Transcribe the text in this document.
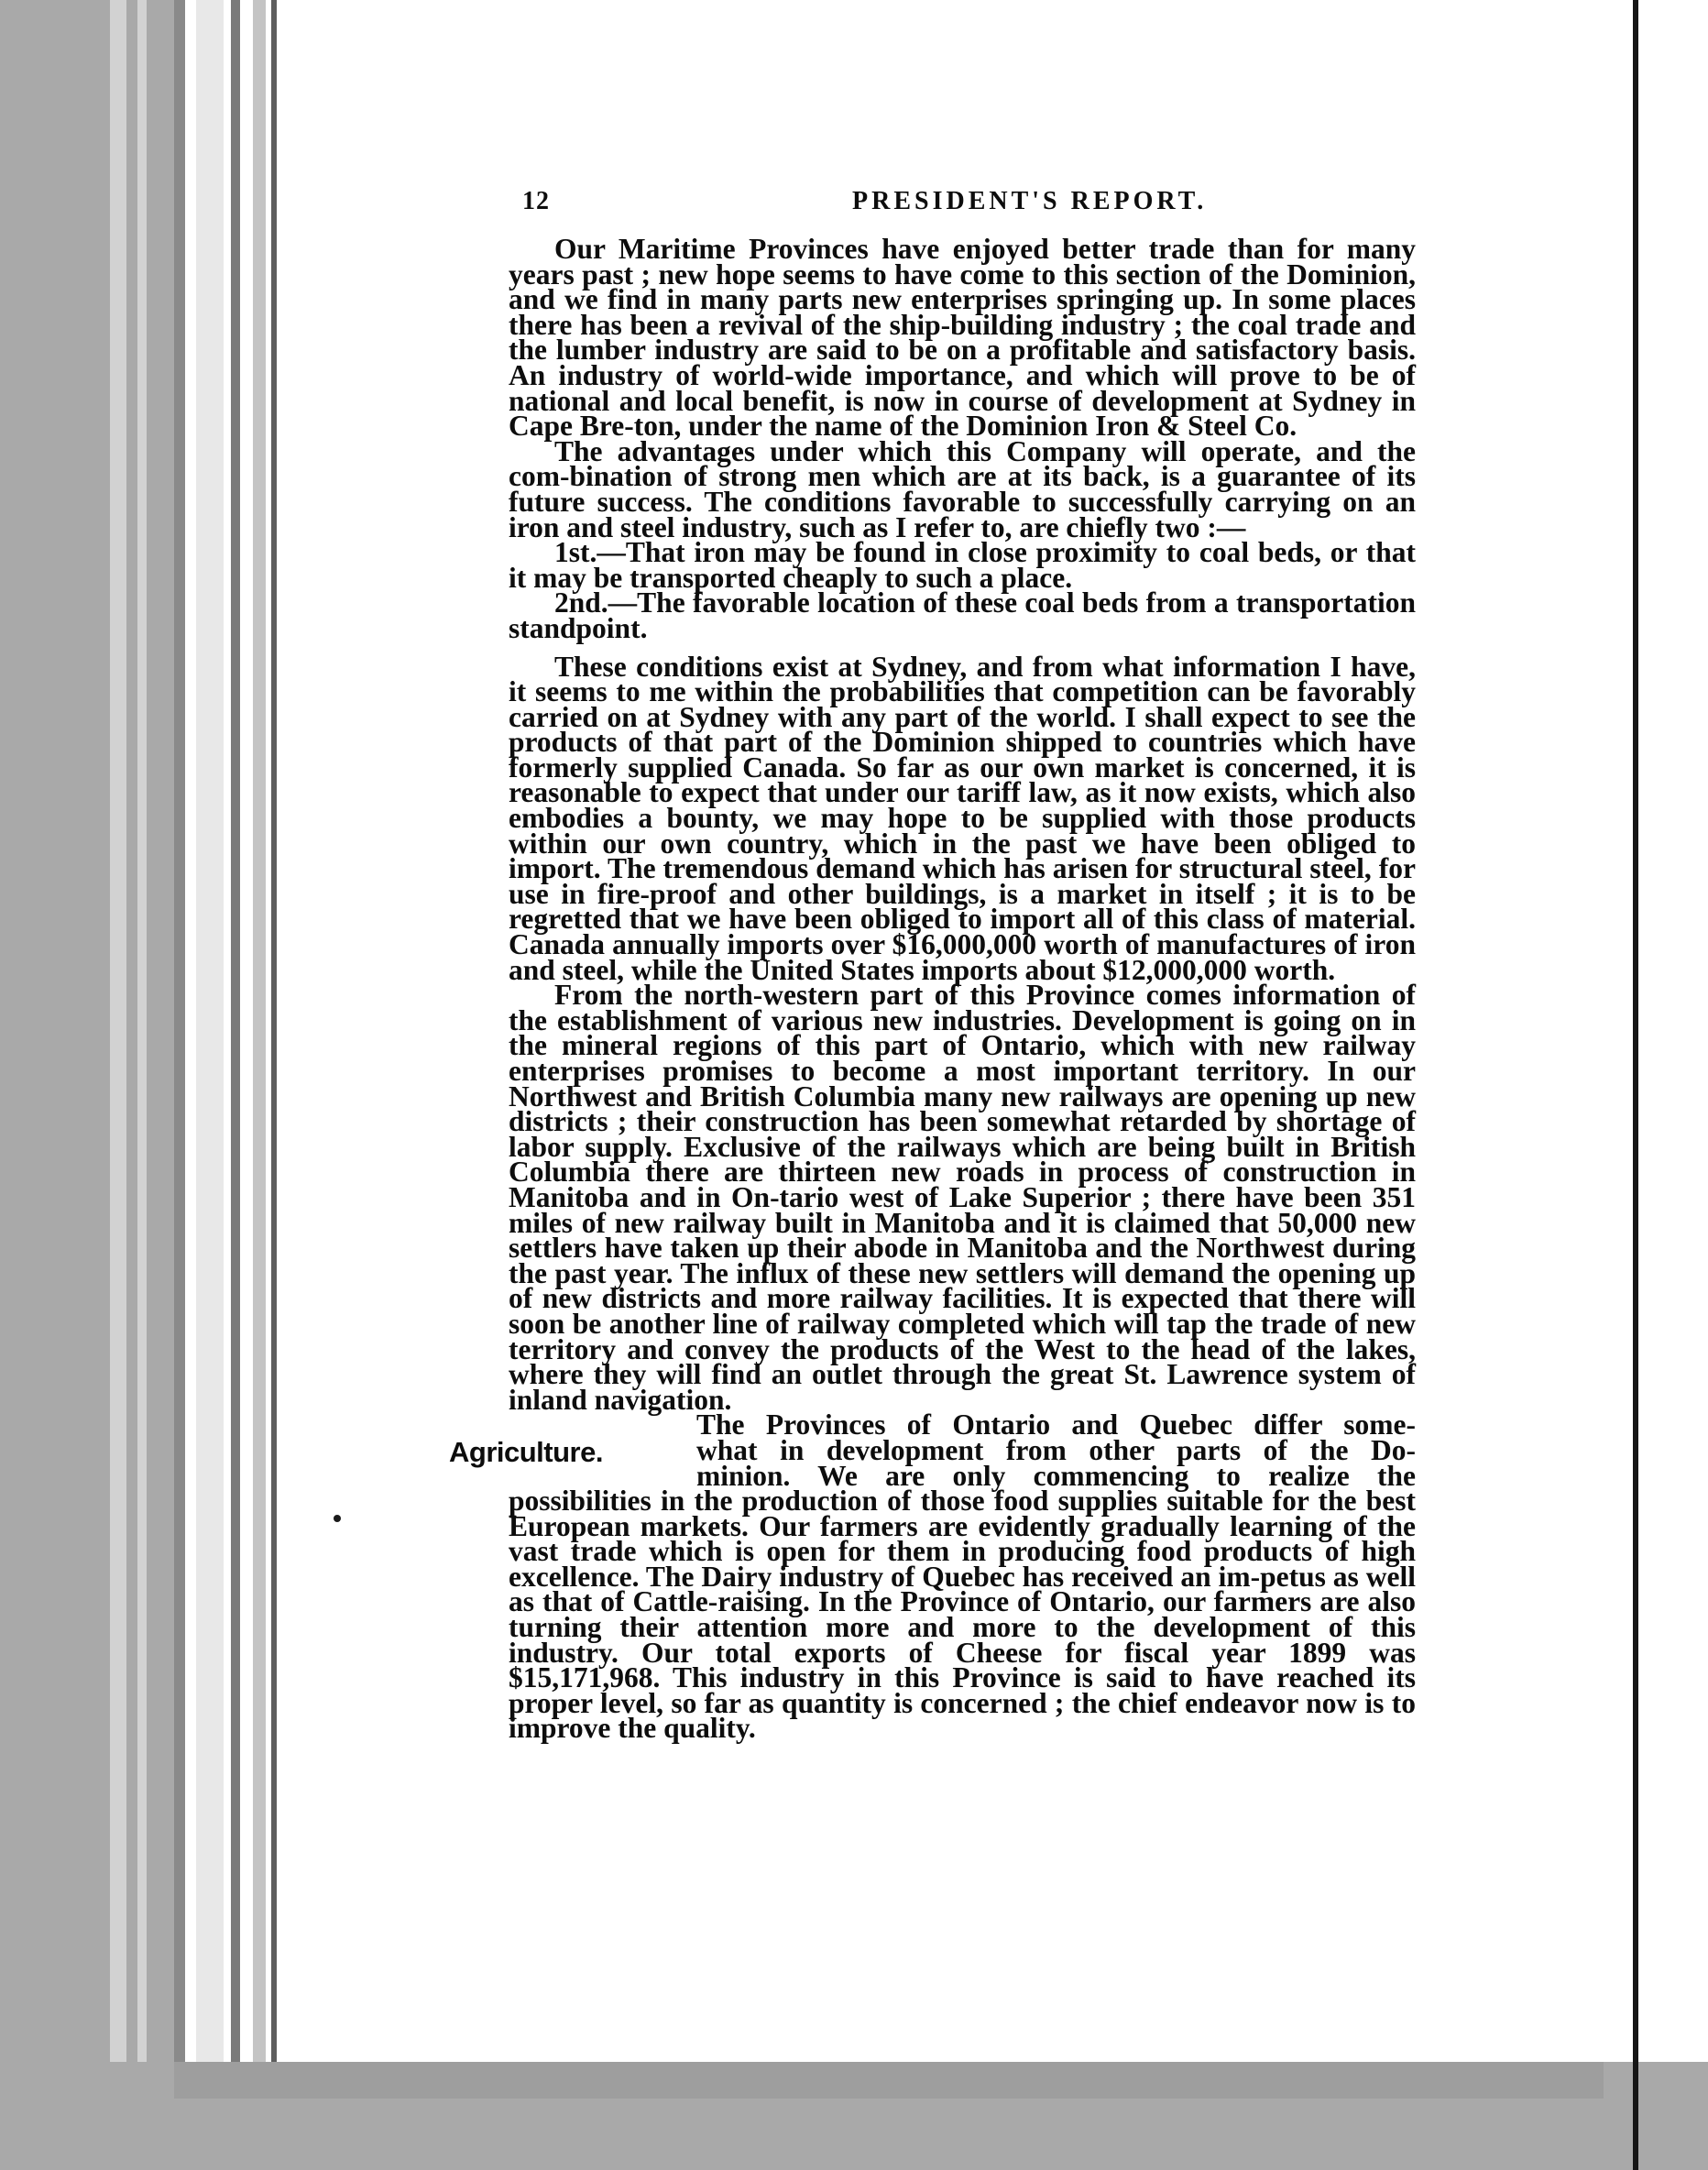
12	PRESIDENT'S REPORT.

Our Maritime Provinces have enjoyed better trade than for many years past ; new hope seems to have come to this section of the Dominion, and we find in many parts new enterprises springing up. In some places there has been a revival of the ship-building industry ; the coal trade and the lumber industry are said to be on a profitable and satisfactory basis. An industry of world-wide importance, and which will prove to be of national and local benefit, is now in course of development at Sydney in Cape Bre-ton, under the name of the Dominion Iron & Steel Co.

The advantages under which this Company will operate, and the com-bination of strong men which are at its back, is a guarantee of its future success. The conditions favorable to successfully carrying on an iron and steel industry, such as I refer to, are chiefly two :—

1st.—That iron may be found in close proximity to coal beds, or that it may be transported cheaply to such a place.

2nd.—The favorable location of these coal beds from a transportation standpoint.

These conditions exist at Sydney, and from what information I have, it seems to me within the probabilities that competition can be favorably carried on at Sydney with any part of the world. I shall expect to see the products of that part of the Dominion shipped to countries which have formerly supplied Canada. So far as our own market is concerned, it is reasonable to expect that under our tariff law, as it now exists, which also embodies a bounty, we may hope to be supplied with those products within our own country, which in the past we have been obliged to import. The tremendous demand which has arisen for structural steel, for use in fire-proof and other buildings, is a market in itself ; it is to be regretted that we have been obliged to import all of this class of material. Canada annually imports over $16,000,000 worth of manufactures of iron and steel, while the United States imports about $12,000,000 worth.

From the north-western part of this Province comes information of the establishment of various new industries. Development is going on in the mineral regions of this part of Ontario, which with new railway enterprises promises to become a most important territory. In our Northwest and British Columbia many new railways are opening up new districts ; their construction has been somewhat retarded by shortage of labor supply. Exclusive of the railways which are being built in British Columbia there are thirteen new roads in process of construction in Manitoba and in On-tario west of Lake Superior ; there have been 351 miles of new railway built in Manitoba and it is claimed that 50,000 new settlers have taken up their abode in Manitoba and the Northwest during the past year. The influx of these new settlers will demand the opening up of new districts and more railway facilities. It is expected that there will soon be another line of railway completed which will tap the trade of new territory and convey the products of the West to the head of the lakes, where they will find an outlet through the great St. Lawrence system of inland navigation.

Agriculture.
The Provinces of Ontario and Quebec differ some-
what in development from other parts of the Do-
minion. We are only commencing to realize the
possibilities in the production of those food supplies suitable for the best European markets. Our farmers are evidently gradually learning of the vast trade which is open for them in producing food products of high excellence. The Dairy industry of Quebec has received an im-petus as well as that of Cattle-raising. In the Province of Ontario, our farmers are also turning their attention more and more to the development of this industry. Our total exports of Cheese for fiscal year 1899 was $15,171,968. This industry in this Province is said to have reached its proper level, so far as quantity is concerned ; the chief endeavor now is to improve the quality.
